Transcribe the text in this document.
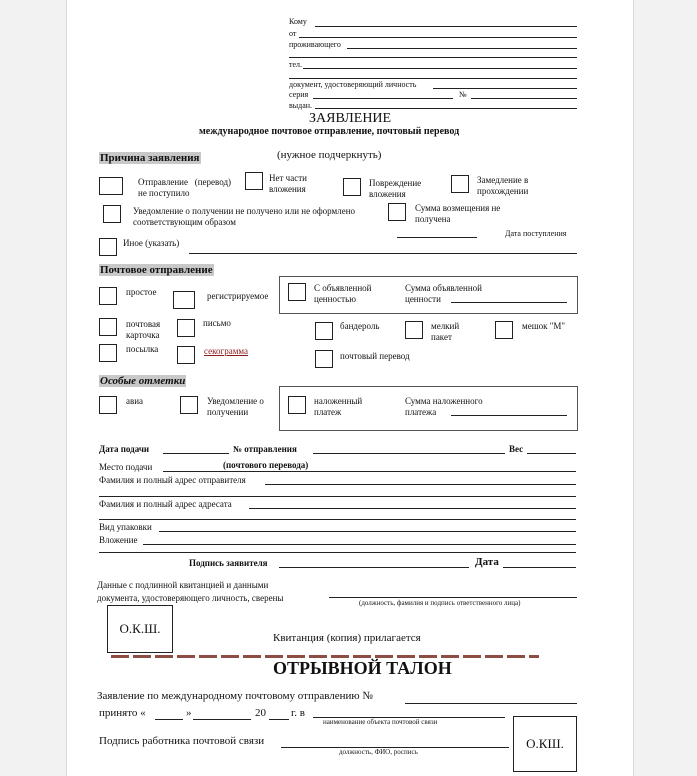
Кому
от
проживающего
тел.
документ, удостоверяющий личность
серия	№
выдан.
ЗАЯВЛЕНИЕ
международное почтовое отправление, почтовый перевод
(нужное подчеркнуть)
Причина заявления
Отправление   (перевод)
не поступило
Нет части
вложения
Повреждение
вложения
Замедление в
прохождении
Уведомление о получении не получено или не оформлено
соответствующим образом
Сумма возмещения не
получена
Иное (указать)
Дата поступления
Почтовое отправление
простое	регистрируемое
С объявленной
ценностью
Сумма объявленной
ценности
почтовая
карточка
письмо	бандероль	мелкий
пакет
мешок "М"
посылка	секограмма	почтовый перевод
Особые отметки
авиа	Уведомление о
получении
наложенный
платеж
Сумма наложенного
платежа
Дата подачи	№ отправления	Вес
Место подачи	(почтового перевода)
Фамилия и полный адрес отправителя
Фамилия и полный адрес адресата
Вид упаковки
Вложение
Подпись заявителя	Дата
Данные с подлинной квитанцией и данными
документа, удостоверяющего личность, сверены	(должность, фамилия и подпись ответственного лица)
О.К.Ш.
Квитанция (копия) прилагается
ОТРЫВНОЙ ТАЛОН
Заявление по международному почтовому отправлению №
принято «	»	20 г. в
наименование объекта почтовой связи
Подпись работника почтовой связи
должность, ФИО, роспись
О.КШ.
